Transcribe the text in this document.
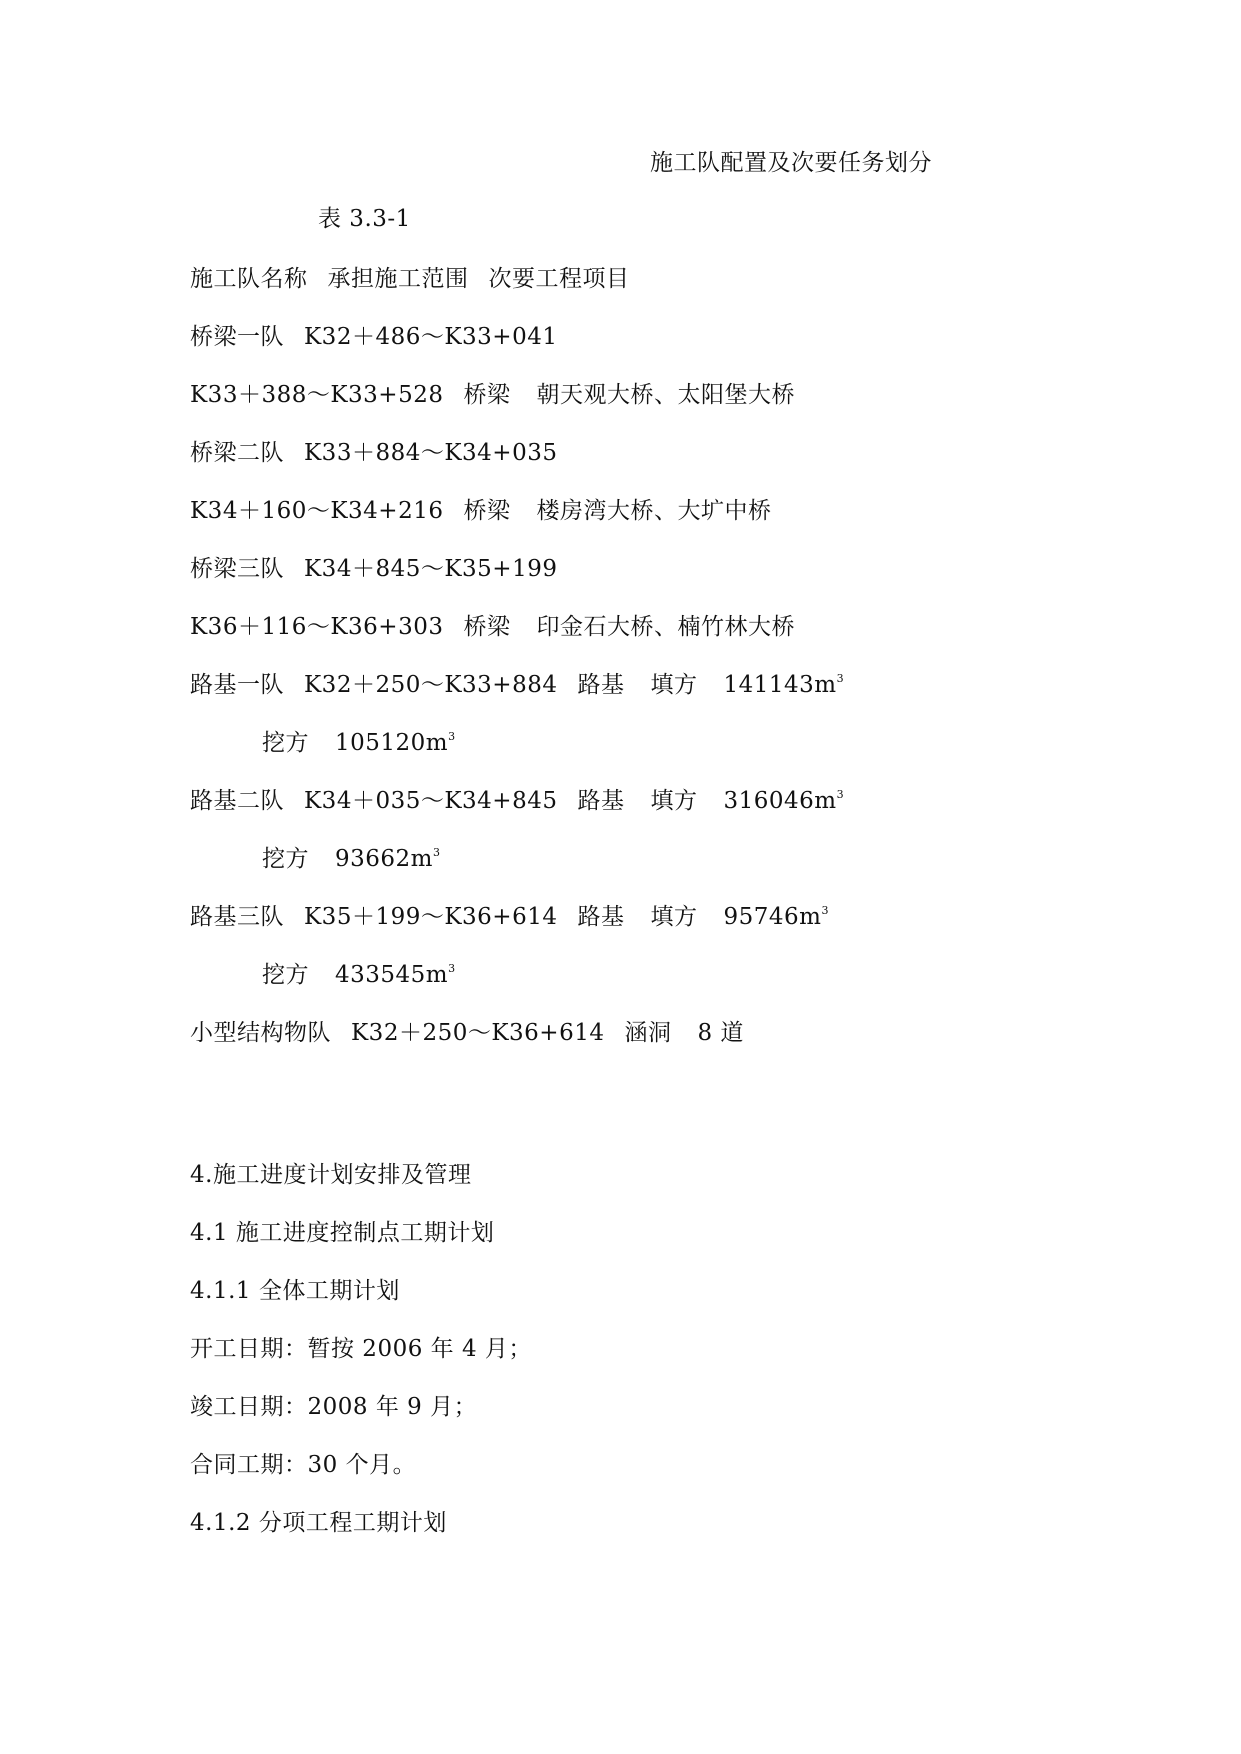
施工队配置及次要任务划分
表 3.3-1
施工队名称 承担施工范围 次要工程项目
桥梁一队 K32＋486～K33+041
K33＋388～K33+528 桥梁 朝天观大桥、太阳堡大桥
桥梁二队 K33＋884～K34+035
K34＋160～K34+216 桥梁 楼房湾大桥、大圹中桥
桥梁三队 K34＋845～K35+199
K36＋116～K36+303 桥梁 印金石大桥、楠竹林大桥
路基一队 K32＋250～K33+884 路基 填方 $141143m^3$
挖方 $105120m^3$
路基二队 K34＋035～K34+845 路基 填方 $316046m^3$
挖方 $93662m^3$
路基三队 K35＋199～K36+614 路基 填方 $95746m^3$
挖方 $433545m^3$
小型结构物队 K32＋250～K36+614 涵洞 8 道
4.施工进度计划安排及管理
4.1 施工进度控制点工期计划
4.1.1 全体工期计划
开工日期：暂按 2006 年 4 月；
竣工日期：2008 年 9 月；
合同工期：30 个月。
4.1.2 分项工程工期计划
